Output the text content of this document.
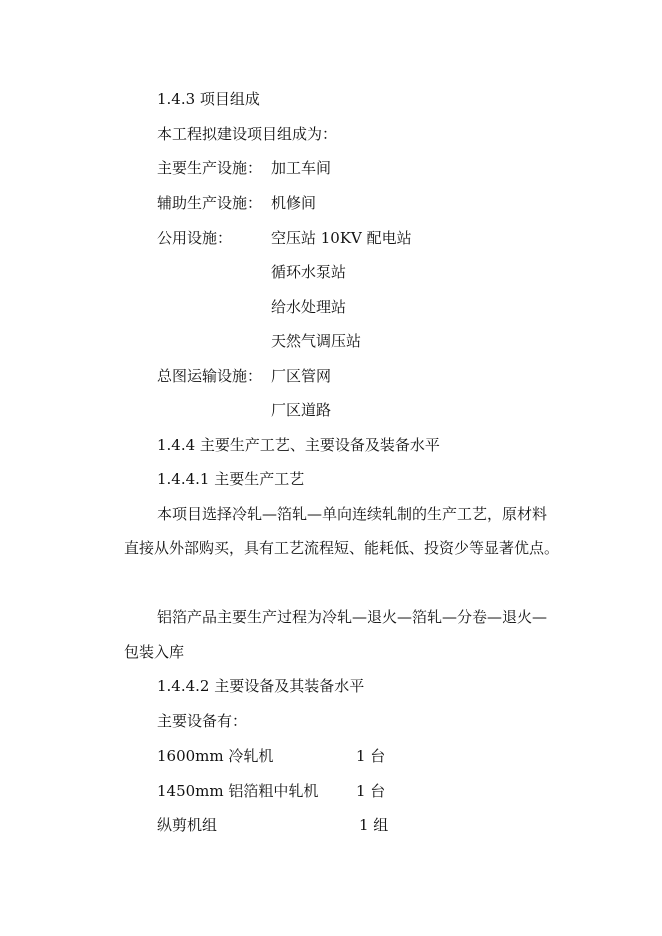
1.4.3 项目组成
本工程拟建设项目组成为：
主要生产设施： 加工车间
辅助生产设施： 机修间
公用设施：	空压站 10KV 配电站
循环水泵站
给水处理站
天然气调压站
总图运输设施： 厂区管网
厂区道路
1.4.4 主要生产工艺、主要设备及装备水平
1.4.4.1 主要生产工艺
本项目选择冷轧—箔轧—单向连续轧制的生产工艺，原材料
直接从外部购买，具有工艺流程短、能耗低、投资少等显著优点。
铝箔产品主要生产过程为冷轧—退火—箔轧—分卷—退火—
包装入库
1.4.4.2 主要设备及其装备水平
主要设备有：
1600mm 冷轧机	1 台
1450mm 铝箔粗中轧机	1 台
纵剪机组	1 组
